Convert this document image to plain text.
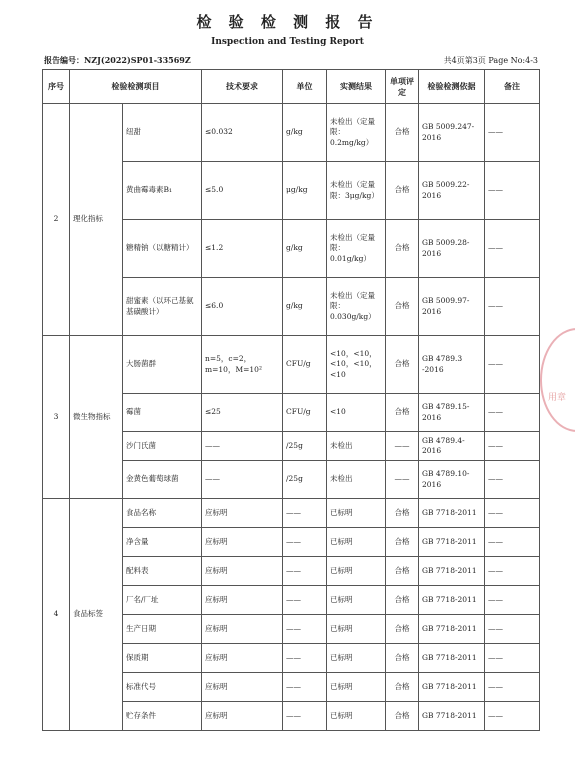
检 验 检 测 报 告
Inspection and Testing Report
报告编号：NZJ(2022)SP01-33569Z	共4页第3页 Page No:4-3
序号	检验检测项目		技术要求	单位	实测结果	单项评定	检验检测依据	备注
2	理化指标	纽甜	≤0.032	g/kg	未检出（定量限：0.2mg/kg）	合格	GB 5009.247-2016	——
		黄曲霉毒素B₁	≤5.0	μg/kg	未检出（定量限：3μg/kg）	合格	GB 5009.22-2016	——
		糖精钠（以糖精计）	≤1.2	g/kg	未检出（定量限：0.01g/kg）	合格	GB 5009.28-2016	——
		甜蜜素（以环己基氨基磺酸计）	≤6.0	g/kg	未检出（定量限：0.030g/kg）	合格	GB 5009.97-2016	——
3	微生物指标	大肠菌群	n=5，c=2，m=10，M=10²	CFU/g	<10，<10，<10，<10，<10	合格	GB 4789.3 -2016	——
		霉菌	≤25	CFU/g	<10	合格	GB 4789.15-2016	——
		沙门氏菌	——	/25g	未检出	——	GB 4789.4-2016	——
		金黄色葡萄球菌	——	/25g	未检出	——	GB 4789.10-2016	——
4	食品标签	食品名称	应标明	——	已标明	合格	GB 7718-2011	——
		净含量	应标明	——	已标明	合格	GB 7718-2011	——
		配料表	应标明	——	已标明	合格	GB 7718-2011	——
		厂名/厂址	应标明	——	已标明	合格	GB 7718-2011	——
		生产日期	应标明	——	已标明	合格	GB 7718-2011	——
		保质期	应标明	——	已标明	合格	GB 7718-2011	——
		标准代号	应标明	——	已标明	合格	GB 7718-2011	——
		贮存条件	应标明	——	已标明	合格	GB 7718-2011	——
用章
